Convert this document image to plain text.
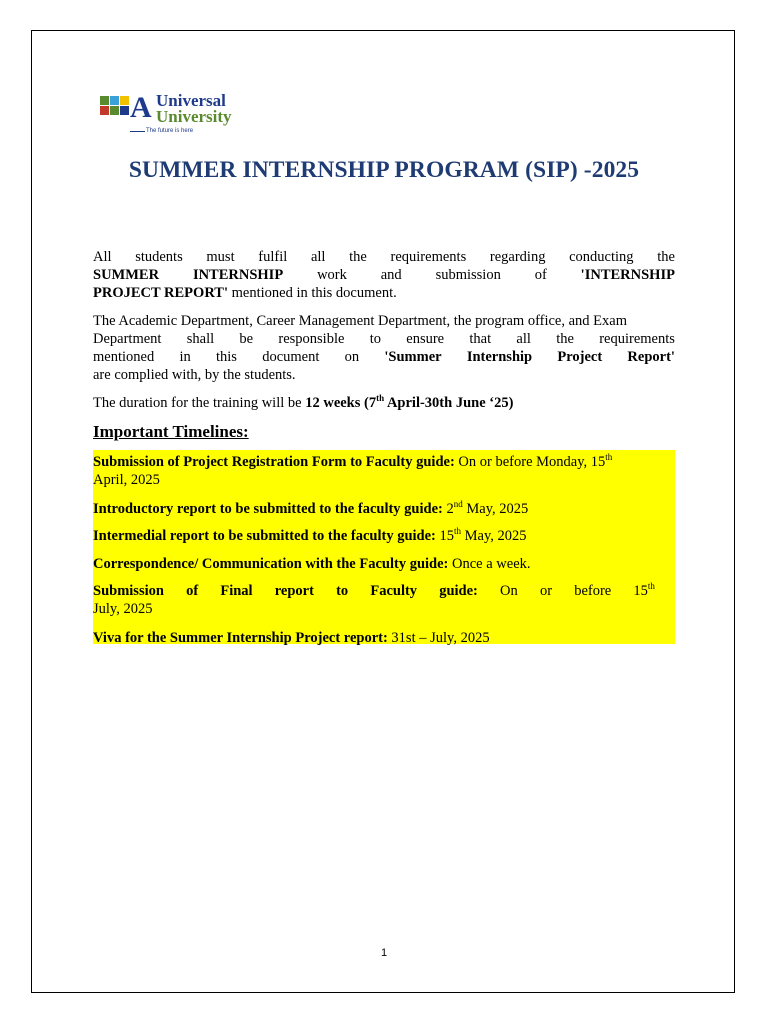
A Universal
University
The future is here
SUMMER INTERNSHIP PROGRAM (SIP) -2025
All students must fulfil all the requirements regarding conducting the
SUMMER INTERNSHIP work and submission of 'INTERNSHIP
PROJECT REPORT' mentioned in this document.
The Academic Department, Career Management Department, the program office, and Exam
Department shall be responsible to ensure that all the requirements
mentioned in this document on 'Summer Internship Project Report'
are complied with, by the students.
The duration for the training will be 12 weeks (7th April-30th June ‘25)
Important Timelines:
Submission of Project Registration Form to Faculty guide: On or before Monday, 15th
April, 2025
Introductory report to be submitted to the faculty guide: 2nd May, 2025
Intermedial report to be submitted to the faculty guide: 15th May, 2025
Correspondence/ Communication with the Faculty guide: Once a week.
Submission of Final report to Faculty guide: On or before 15th
July, 2025
Viva for the Summer Internship Project report: 31st – July, 2025
1
